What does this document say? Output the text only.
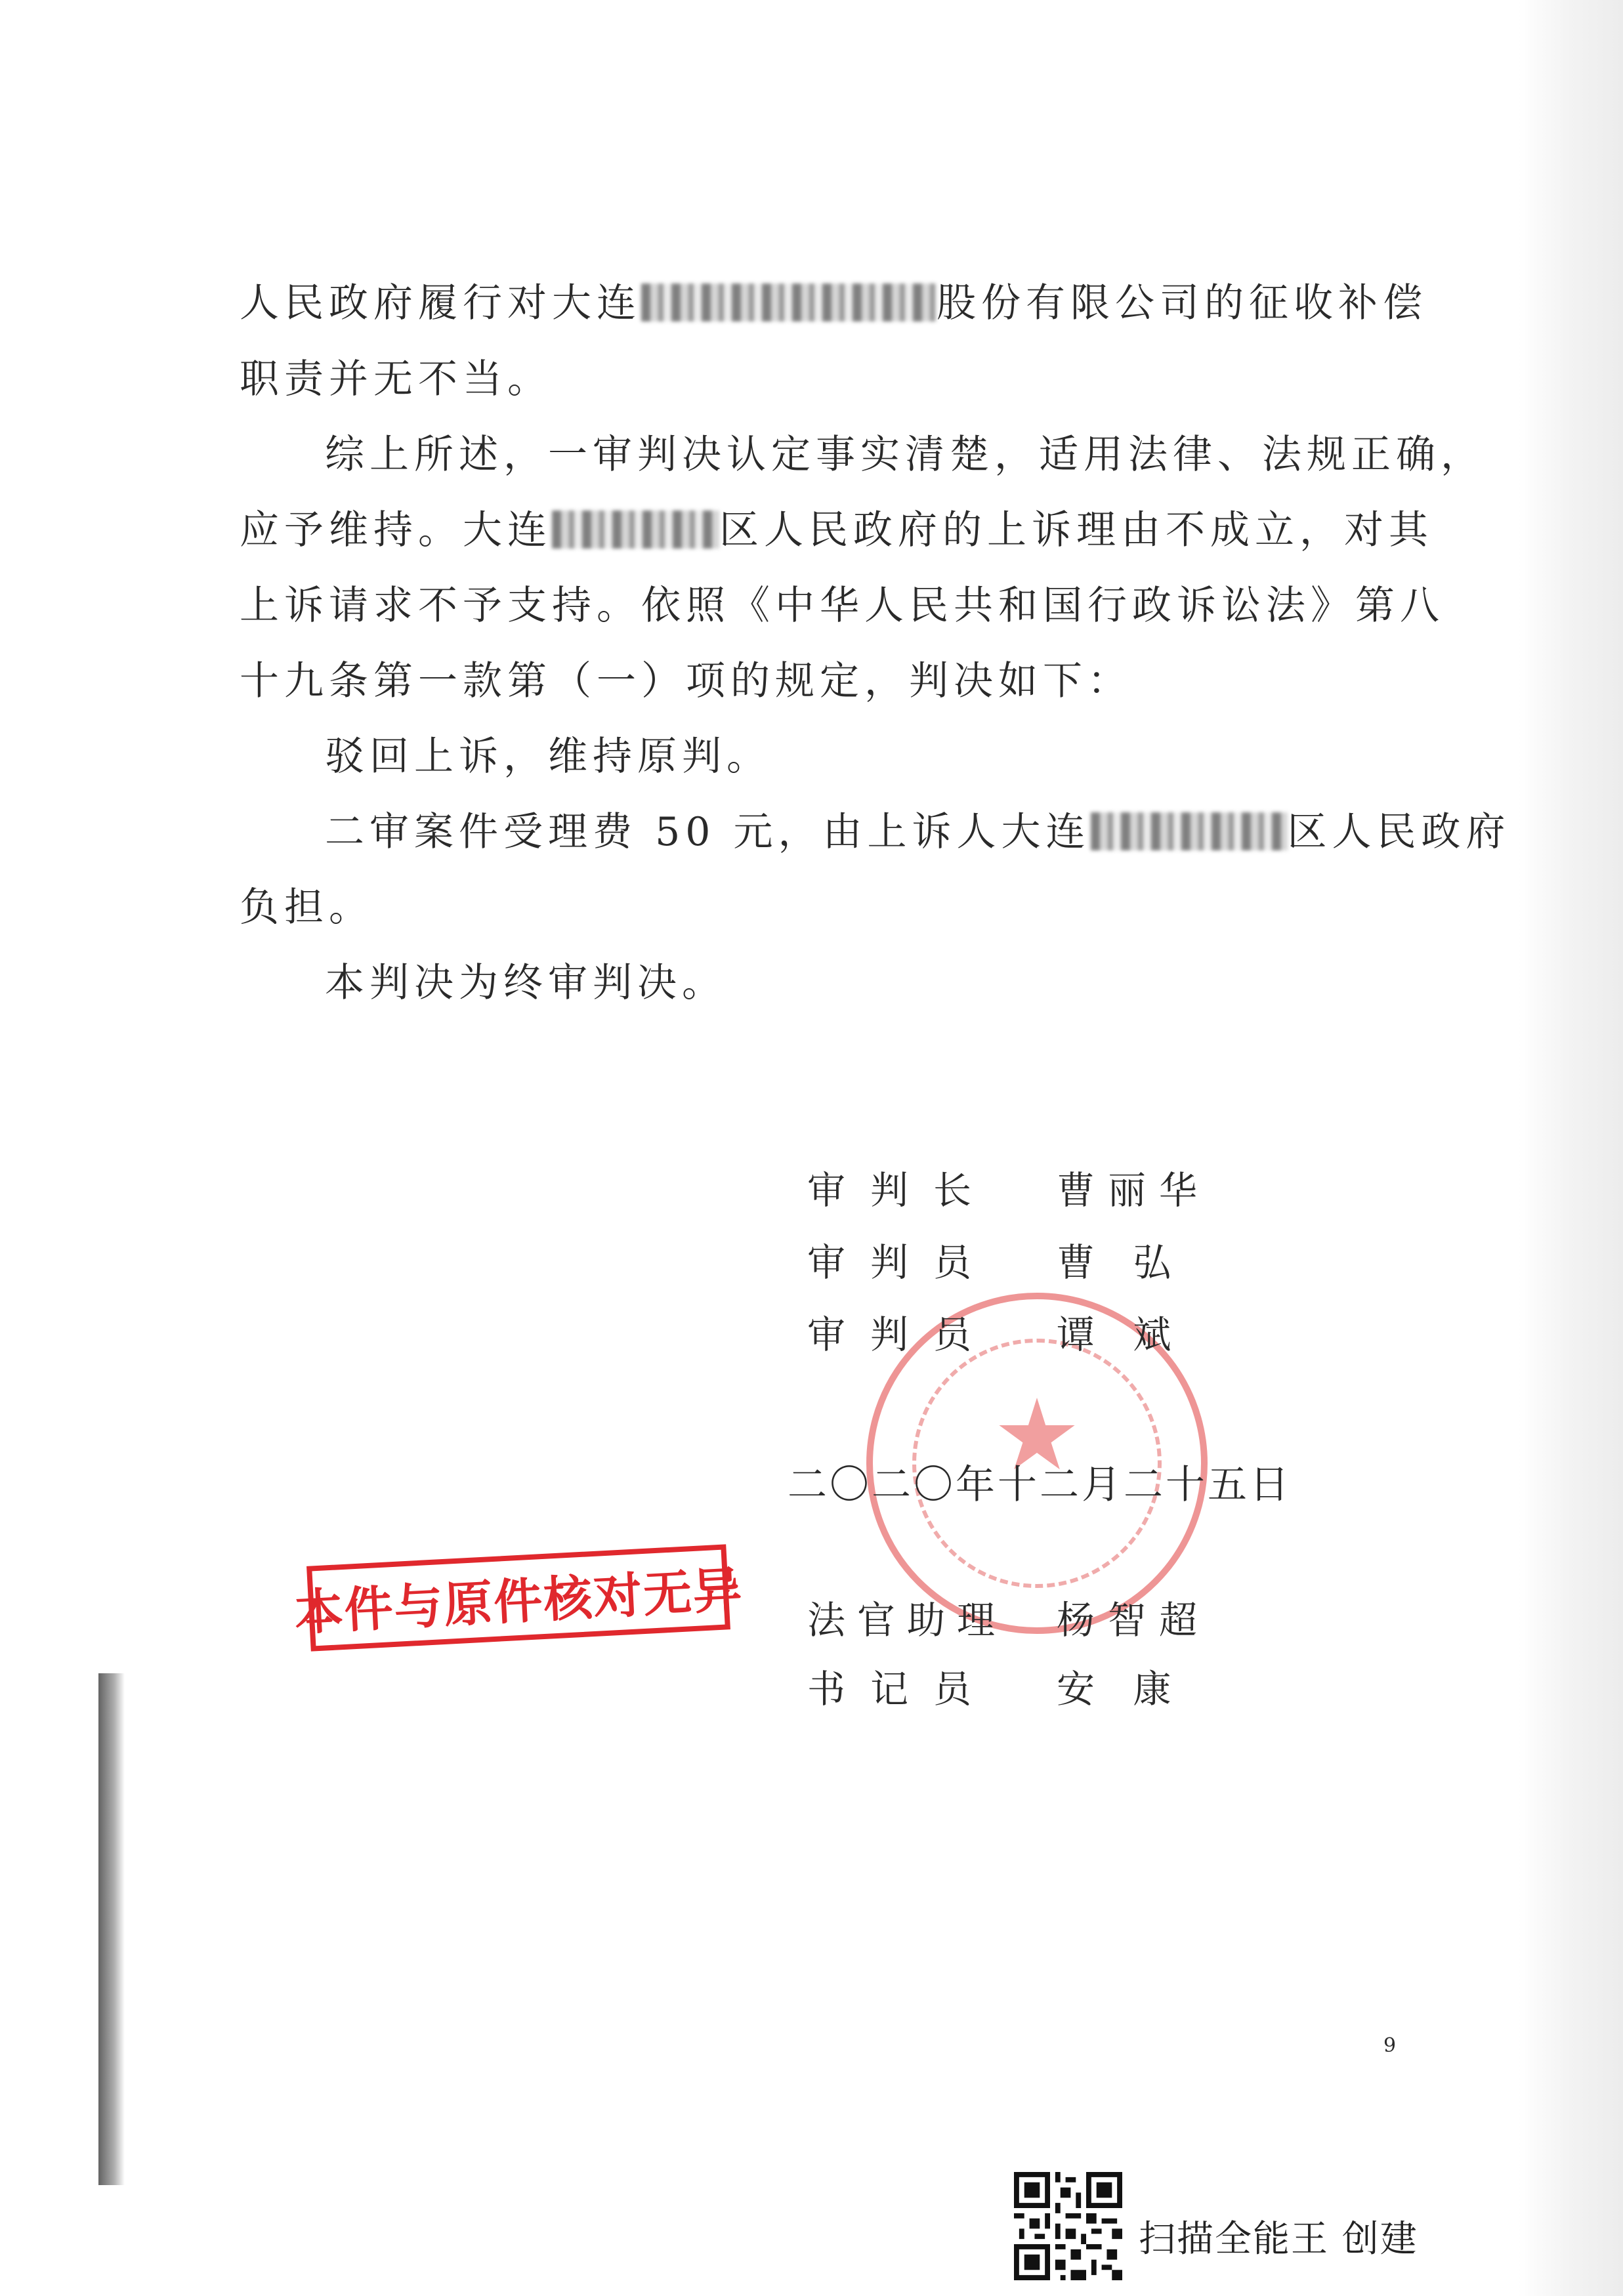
人民政府履行对大连	股份有限公司的征收补偿
职责并无不当。
综上所述，一审判决认定事实清楚，适用法律、法规正确，
应予维持。大连	区人民政府的上诉理由不成立，对其
上诉请求不予支持。依照《中华人民共和国行政诉讼法》第八
十九条第一款第（一）项的规定，判决如下：
驳回上诉，维持原判。
二审案件受理费 50 元，由上诉人大连	区人民政府
负担。
本判决为终审判决。
审判长 曹丽华
审判员 曹 弘
审判员 谭 斌
二〇二〇年十二月二十五日
本件与原件核对无异 法官助理 杨智超
书记员 安 康
9
扫描全能王 创建
